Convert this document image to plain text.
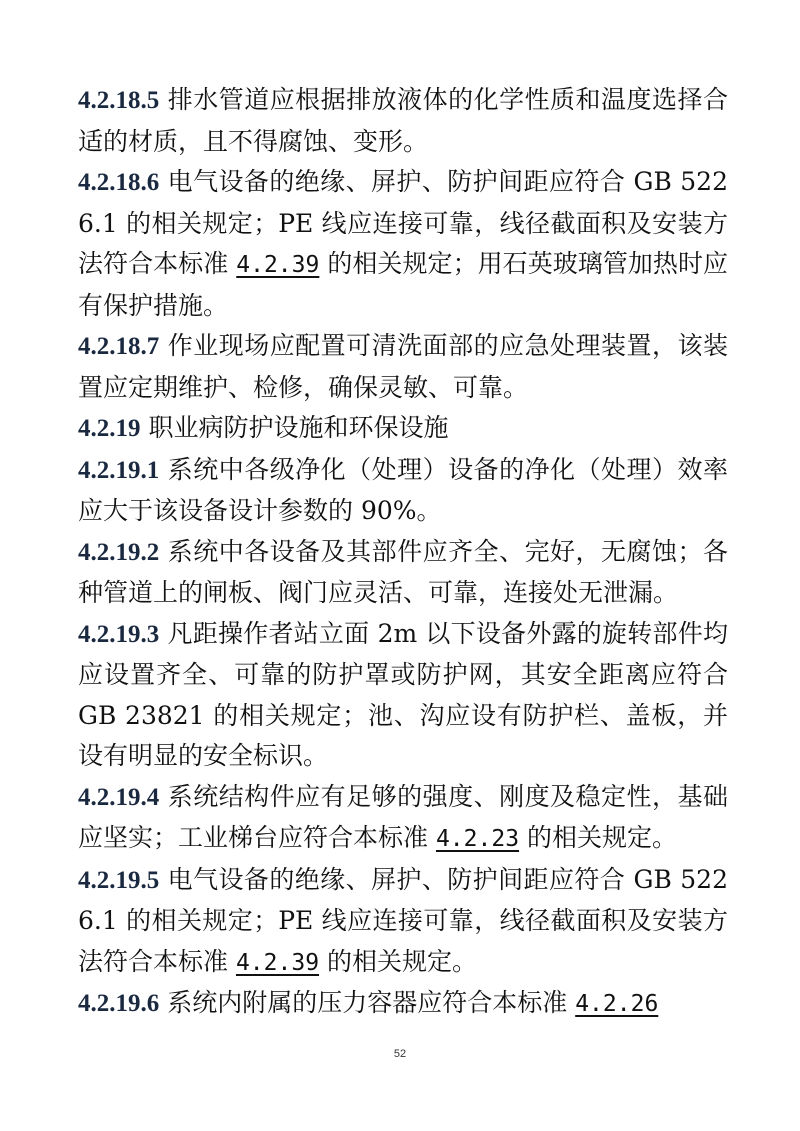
4.2.18.5 排水管道应根据排放液体的化学性质和温度选择合适的材质，且不得腐蚀、变形。

4.2.18.6 电气设备的绝缘、屏护、防护间距应符合 GB 5226.1 的相关规定；PE 线应连接可靠，线径截面积及安装方法符合本标准 4.2.39 的相关规定；用石英玻璃管加热时应有保护措施。

4.2.18.7 作业现场应配置可清洗面部的应急处理装置，该装置应定期维护、检修，确保灵敏、可靠。

4.2.19 职业病防护设施和环保设施

4.2.19.1 系统中各级净化（处理）设备的净化（处理）效率应大于该设备设计参数的 90%。

4.2.19.2 系统中各设备及其部件应齐全、完好，无腐蚀；各种管道上的闸板、阀门应灵活、可靠，连接处无泄漏。

4.2.19.3 凡距操作者站立面 2m 以下设备外露的旋转部件均应设置齐全、可靠的防护罩或防护网，其安全距离应符合 GB 23821 的相关规定；池、沟应设有防护栏、盖板，并设有明显的安全标识。

4.2.19.4 系统结构件应有足够的强度、刚度及稳定性，基础应坚实；工业梯台应符合本标准 4.2.23 的相关规定。

4.2.19.5 电气设备的绝缘、屏护、防护间距应符合 GB 5226.1 的相关规定；PE 线应连接可靠，线径截面积及安装方法符合本标准 4.2.39 的相关规定。

4.2.19.6 系统内附属的压力容器应符合本标准 4.2.26

52
